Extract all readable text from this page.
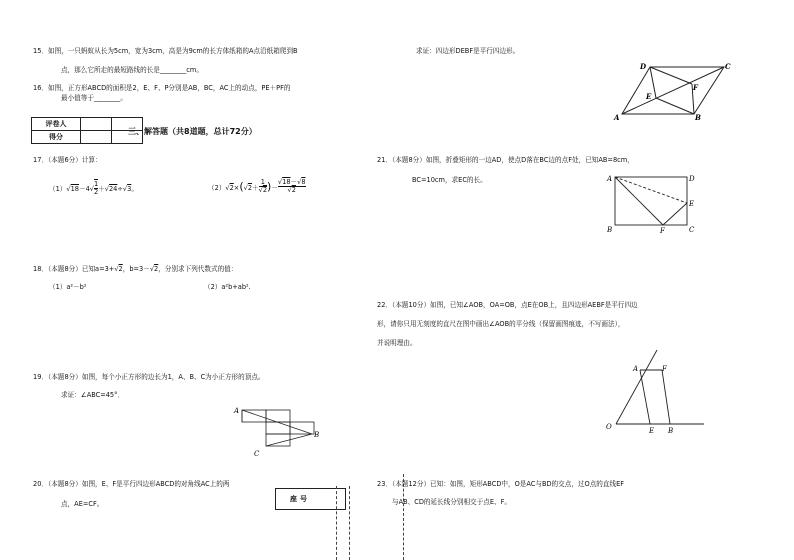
15．如图，一只蚂蚁从长为5cm，宽为3cm，高是为9cm的长方体纸箱的A点沿纸箱爬到B
点，那么它所走的最短路线的长是________cm。
16．如图，正方形ABCD的面积是2，E、F、P分别是AB，BC，AC上的动点，PE＋PF的
最小值等于________。
评卷人		
得分		
三、解答题（共8道题，总计72分）
17．（本题6分）计算：
$(1)√18-4√ \frac{1}{2} +√24\div√3$。	$(2)√2\times(√2+ \frac{1}{√2}$ )－ $\frac{√18-√8}{√2}$
18．（本题8分）已知a=3+√2，b=3－√2，分别求下列代数式的值：
（1）a²－b²	（2）a²b+ab².
19．（本题8分）如图，每个小正方形的边长为1，A、B、C为小正方形的顶点。
求证：∠ABC=45°．
A
B
C
20．（本题8分）如图，E、F是平行四边形ABCD的对角线AC上的两
点，AE=CF。
座号
求证：四边形DEBF是平行四边形。
D	C
E
F
A	B
21．（本题8分）如图，折叠矩形的一边AD，使点D落在BC边的点F处，已知AB=8cm，
BC=10cm，求EC的长。	A	D
E
B	F	C
22．（本题10分）如图，已知∠AOB，OA=OB，点E在OB上，且四边形AEBF是平行四边
形，请你只用无刻度的直尺在图中画出∠AOB的平分线（保留画图痕迹，不写画法），
并说明理由。
A	F
O	E B
23．（本题12分）已知：如图，矩形ABCD中，O是AC与BD的交点，过O点的直线EF
与AB、CD的延长线分别相交于点E、F。
